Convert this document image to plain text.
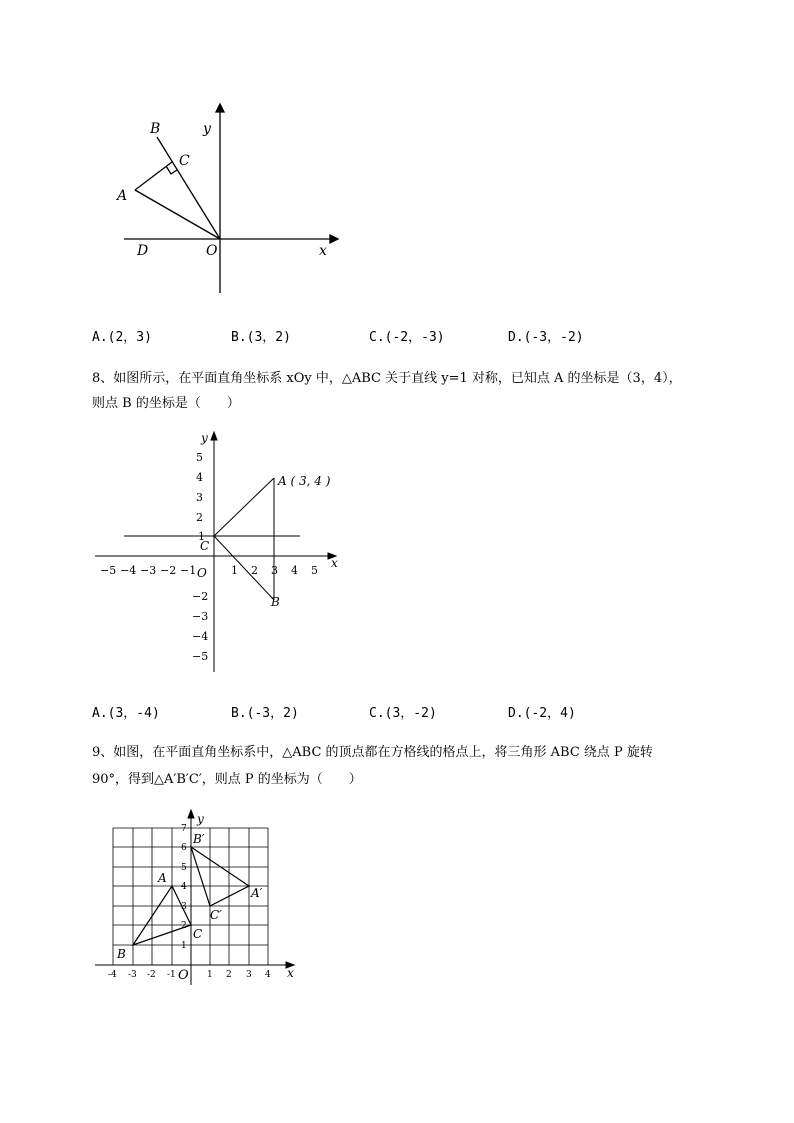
B	y
C
A
D	O	x
A.(2，3)	B.(3，2)	C.(-2，-3)	D.(-3，-2)
8、如图所示，在平面直角坐标系 xOy 中，△ABC 关于直线 y=1 对称，已知点 A 的坐标是（3，4），
则点 B 的坐标是（　　）
5
4
3
2
1
−2
−3
−4
−5
−5 −4 −3 −2 −1	1 2 3 4 5
y
x
A ( 3, 4 )
C
O
B
A.(3，-4)	B.(-3，2)	C.(3，-2)	D.(-2，4)
9、如图，在平面直角坐标系中，△ABC 的顶点都在方格线的格点上，将三角形 ABC 绕点 P 旋转
90°，得到△A′B′C′，则点 P 的坐标为（　　）
7
6
5
4
3
2
1
-4 -3 -2 -1	1 2 3 4
y
x
B′
A
A′
C′
C
B
O
